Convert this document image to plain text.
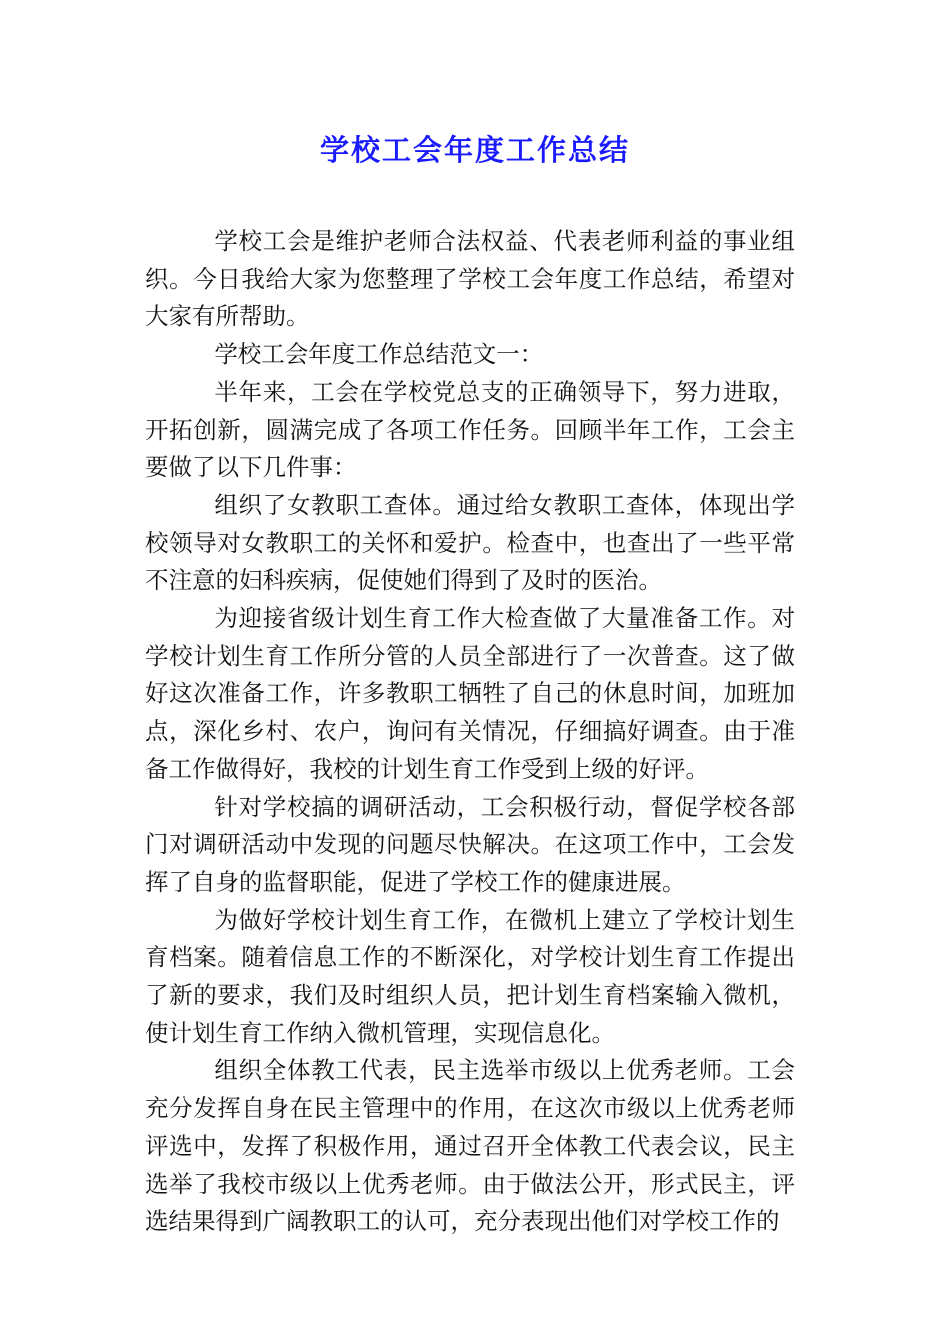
学校工会年度工作总结

学校工会是维护老师合法权益、代表老师利益的事业组织。今日我给大家为您整理了学校工会年度工作总结，希望对大家有所帮助。

学校工会年度工作总结范文一：

半年来，工会在学校党总支的正确领导下，努力进取，开拓创新，圆满完成了各项工作任务。回顾半年工作，工会主要做了以下几件事：

组织了女教职工查体。通过给女教职工查体，体现出学校领导对女教职工的关怀和爱护。检查中，也查出了一些平常不注意的妇科疾病，促使她们得到了及时的医治。

为迎接省级计划生育工作大检查做了大量准备工作。对学校计划生育工作所分管的人员全部进行了一次普查。这了做好这次准备工作，许多教职工牺牲了自己的休息时间，加班加点，深化乡村、农户，询问有关情况，仔细搞好调查。由于准备工作做得好，我校的计划生育工作受到上级的好评。

针对学校搞的调研活动，工会积极行动，督促学校各部门对调研活动中发现的问题尽快解决。在这项工作中，工会发挥了自身的监督职能，促进了学校工作的健康进展。

为做好学校计划生育工作，在微机上建立了学校计划生育档案。随着信息工作的不断深化，对学校计划生育工作提出了新的要求，我们及时组织人员，把计划生育档案输入微机，使计划生育工作纳入微机管理，实现信息化。

组织全体教工代表，民主选举市级以上优秀老师。工会充分发挥自身在民主管理中的作用，在这次市级以上优秀老师评选中，发挥了积极作用，通过召开全体教工代表会议，民主选举了我校市级以上优秀老师。由于做法公开，形式民主，评选结果得到广阔教职工的认可，充分表现出他们对学校工作的
